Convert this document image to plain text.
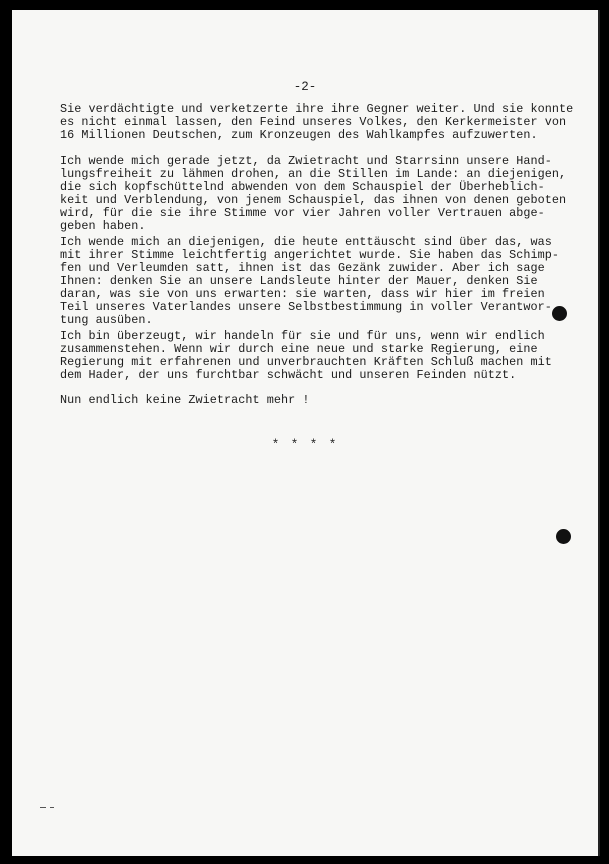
-2-
Sie verdächtigte und verketzerte ihre ihre Gegner weiter. Und sie konnte
es nicht einmal lassen, den Feind unseres Volkes, den Kerkermeister von
16 Millionen Deutschen, zum Kronzeugen des Wahlkampfes aufzuwerten.
Ich wende mich gerade jetzt, da Zwietracht und Starrsinn unsere Hand-
lungsfreiheit zu lähmen drohen, an die Stillen im Lande: an diejenigen,
die sich kopfschüttelnd abwenden von dem Schauspiel der Überheblich-
keit und Verblendung, von jenem Schauspiel, das ihnen von denen geboten
wird, für die sie ihre Stimme vor vier Jahren voller Vertrauen abge-
geben haben.
Ich wende mich an diejenigen, die heute enttäuscht sind über das, was
mit ihrer Stimme leichtfertig angerichtet wurde. Sie haben das Schimp-
fen und Verleumden satt, ihnen ist das Gezänk zuwider. Aber ich sage
Ihnen: denken Sie an unsere Landsleute hinter der Mauer, denken Sie
daran, was sie von uns erwarten: sie warten, dass wir hier im freien
Teil unseres Vaterlandes unsere Selbstbestimmung in voller Verantwor-
tung ausüben.
Ich bin überzeugt, wir handeln für sie und für uns, wenn wir endlich
zusammenstehen. Wenn wir durch eine neue und starke Regierung, eine
Regierung mit erfahrenen und unverbrauchten Kräften Schluß machen mit
dem Hader, der uns furchtbar schwächt und unseren Feinden nützt.
Nun endlich keine Zwietracht mehr !
* * * *
